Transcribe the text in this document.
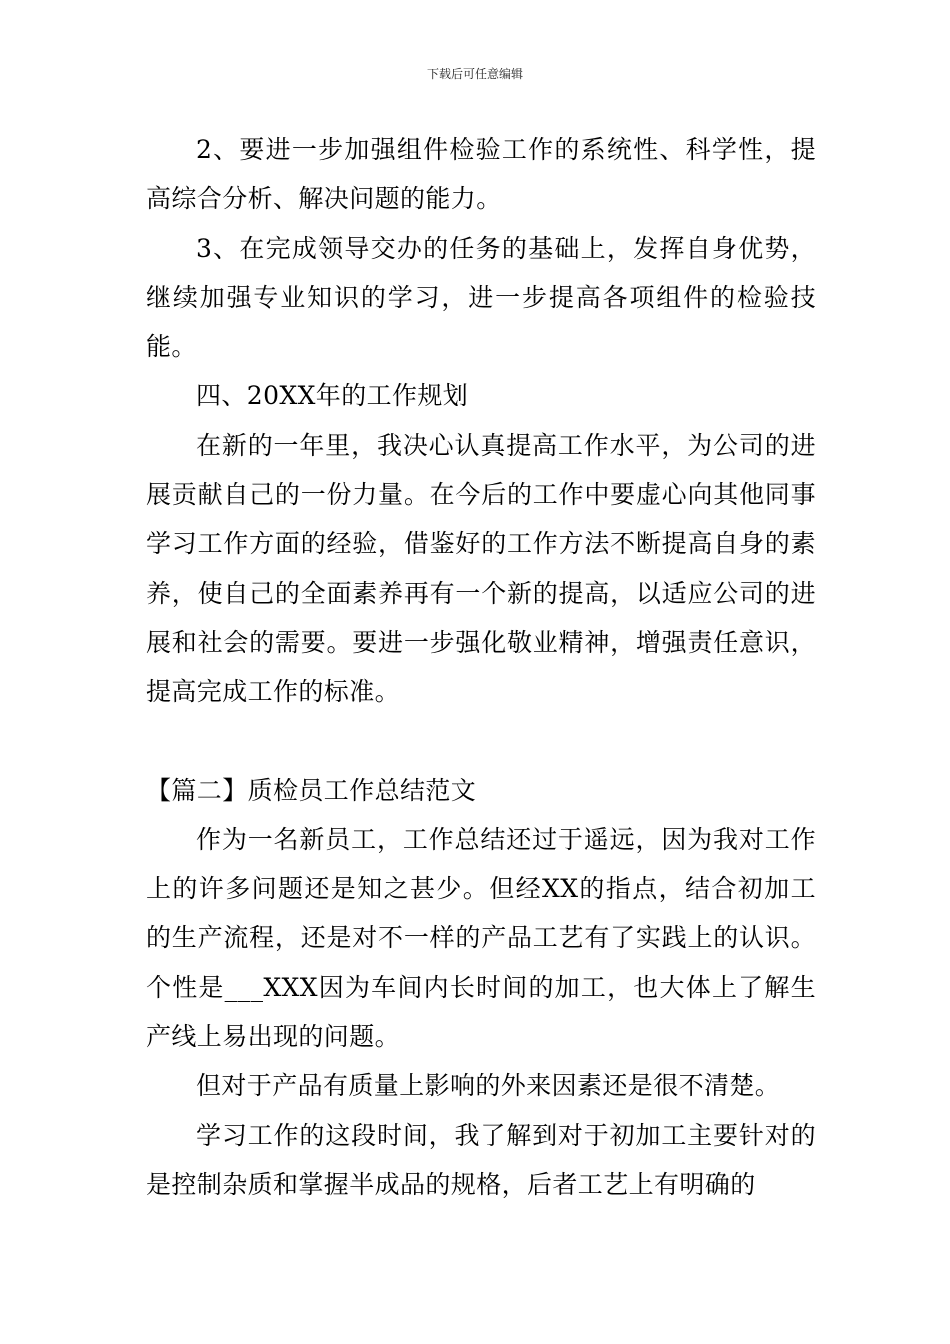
下载后可任意编辑

2、要进一步加强组件检验工作的系统性、科学性，提高综合分析、解决问题的能力。

3、在完成领导交办的任务的基础上，发挥自身优势，继续加强专业知识的学习，进一步提高各项组件的检验技能。

四、20XX年的工作规划

在新的一年里，我决心认真提高工作水平，为公司的进展贡献自己的一份力量。在今后的工作中要虚心向其他同事学习工作方面的经验，借鉴好的工作方法不断提高自身的素养，使自己的全面素养再有一个新的提高，以适应公司的进展和社会的需要。要进一步强化敬业精神，增强责任意识，提高完成工作的标准。

【篇二】质检员工作总结范文

作为一名新员工，工作总结还过于遥远，因为我对工作上的许多问题还是知之甚少。但经XX的指点，结合初加工的生产流程，还是对不一样的产品工艺有了实践上的认识。个性是___XXX因为车间内长时间的加工，也大体上了解生产线上易出现的问题。

但对于产品有质量上影响的外来因素还是很不清楚。

学习工作的这段时间，我了解到对于初加工主要针对的是控制杂质和掌握半成品的规格，后者工艺上有明确的
